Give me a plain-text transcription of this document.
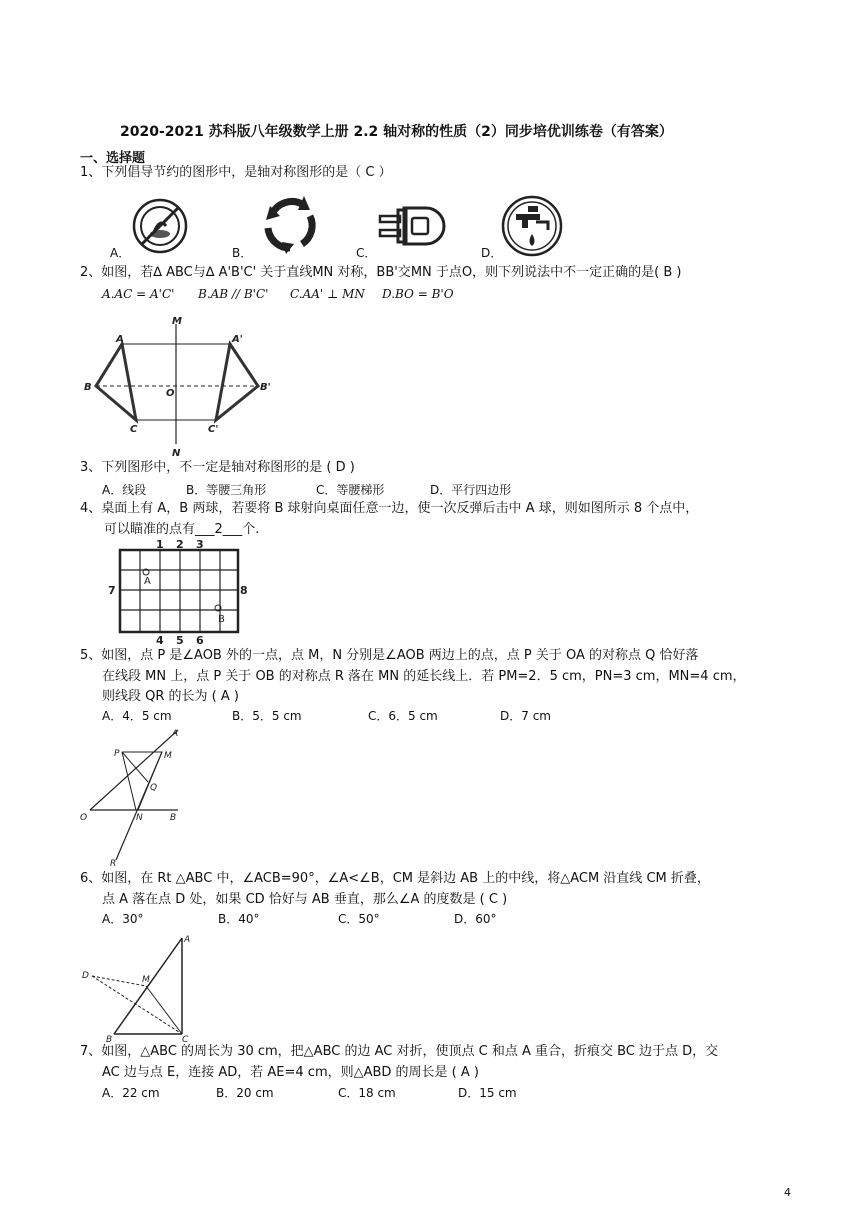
2020-2021 苏科版八年级数学上册 2.2 轴对称的性质（2）同步培优训练卷（有答案）
一、选择题
1、下列倡导节约的图形中，是轴对称图形的是（ C ）
A．	B．	C．	D．
2、如图，若∆ ABC与∆ A'B'C' 关于直线MN 对称，BB'交MN 于点O，则下列说法中不一定正确的是( B )
A.AC = A'C' B.AB // B'C' C.AA' ⊥ MN D.BO = B'O
M
N
A	A'
B	B'
C	C'
O
3、下列图形中，不一定是轴对称图形的是 ( D )
A．线段	B．等腰三角形	C．等腰梯形	D．平行四边形
4、桌面上有 A，B 两球，若要将 B 球射向桌面任意一边，使一次反弹后击中 A 球，则如图所示 8 个点中，
可以瞄准的点有___2___个.
1 2 3
4 5 6
7	8
A
B
5、如图，点 P 是∠AOB 外的一点，点 M，N 分别是∠AOB 两边上的点，点 P 关于 OA 的对称点 Q 恰好落
在线段 MN 上，点 P 关于 OB 的对称点 R 落在 MN 的延长线上．若 PM=2．5 cm，PN=3 cm，MN=4 cm，
则线段 QR 的长为 ( A )
A．4．5 cm	B．5．5 cm	C．6．5 cm	D．7 cm
A
P	M
Q
O	N	B
R
6、如图，在 Rt △ABC 中，∠ACB=90°，∠A<∠B，CM 是斜边 AB 上的中线，将△ACM 沿直线 CM 折叠，
点 A 落在点 D 处，如果 CD 恰好与 AB 垂直，那么∠A 的度数是 ( C )
A．30°	B．40°	C．50°	D．60°
A
D	M
B	C
7、如图，△ABC 的周长为 30 cm，把△ABC 的边 AC 对折，使顶点 C 和点 A 重合，折痕交 BC 边于点 D，交
AC 边与点 E，连接 AD，若 AE=4 cm，则△ABD 的周长是 ( A )
A．22 cm	B．20 cm	C．18 cm	D．15 cm
4
